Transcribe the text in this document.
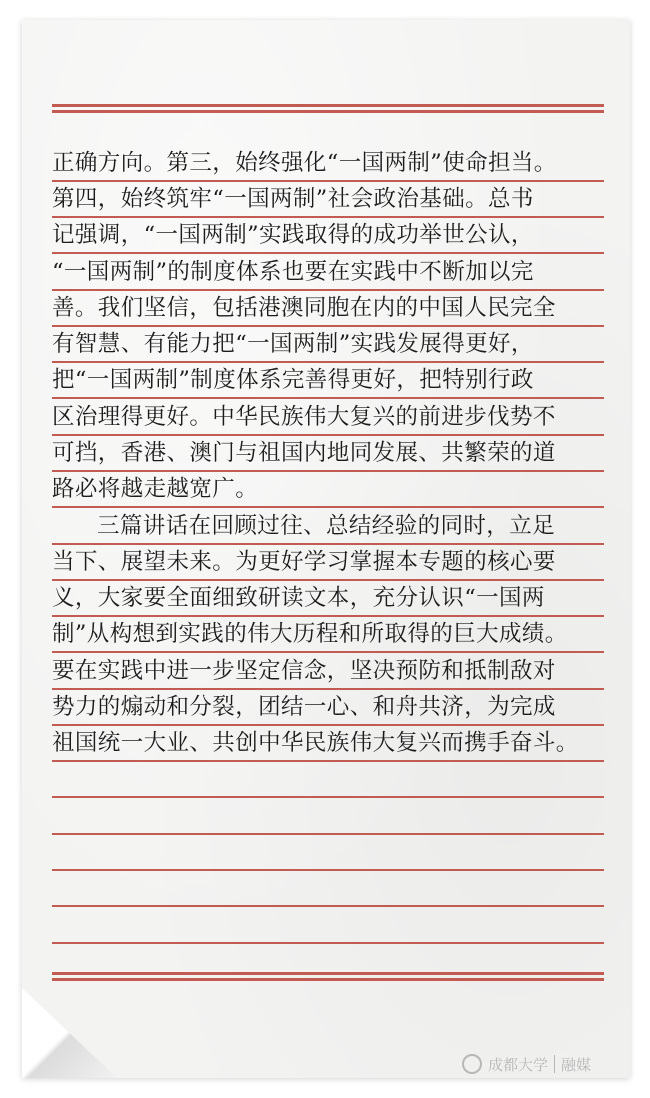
正确方向。第三，始终强化“一国两制”使命担当。
第四，始终筑牢“一国两制”社会政治基础。总书
记强调，“一国两制”实践取得的成功举世公认，
“一国两制”的制度体系也要在实践中不断加以完
善。我们坚信，包括港澳同胞在内的中国人民完全
有智慧、有能力把“一国两制”实践发展得更好，
把“一国两制”制度体系完善得更好，把特别行政
区治理得更好。中华民族伟大复兴的前进步伐势不
可挡，香港、澳门与祖国内地同发展、共繁荣的道
路必将越走越宽广。
三篇讲话在回顾过往、总结经验的同时，立足
当下、展望未来。为更好学习掌握本专题的核心要
义，大家要全面细致研读文本，充分认识“一国两
制”从构想到实践的伟大历程和所取得的巨大成绩。
要在实践中进一步坚定信念，坚决预防和抵制敌对
势力的煽动和分裂，团结一心、和舟共济，为完成
祖国统一大业、共创中华民族伟大复兴而携手奋斗。
成都大学 融媒
